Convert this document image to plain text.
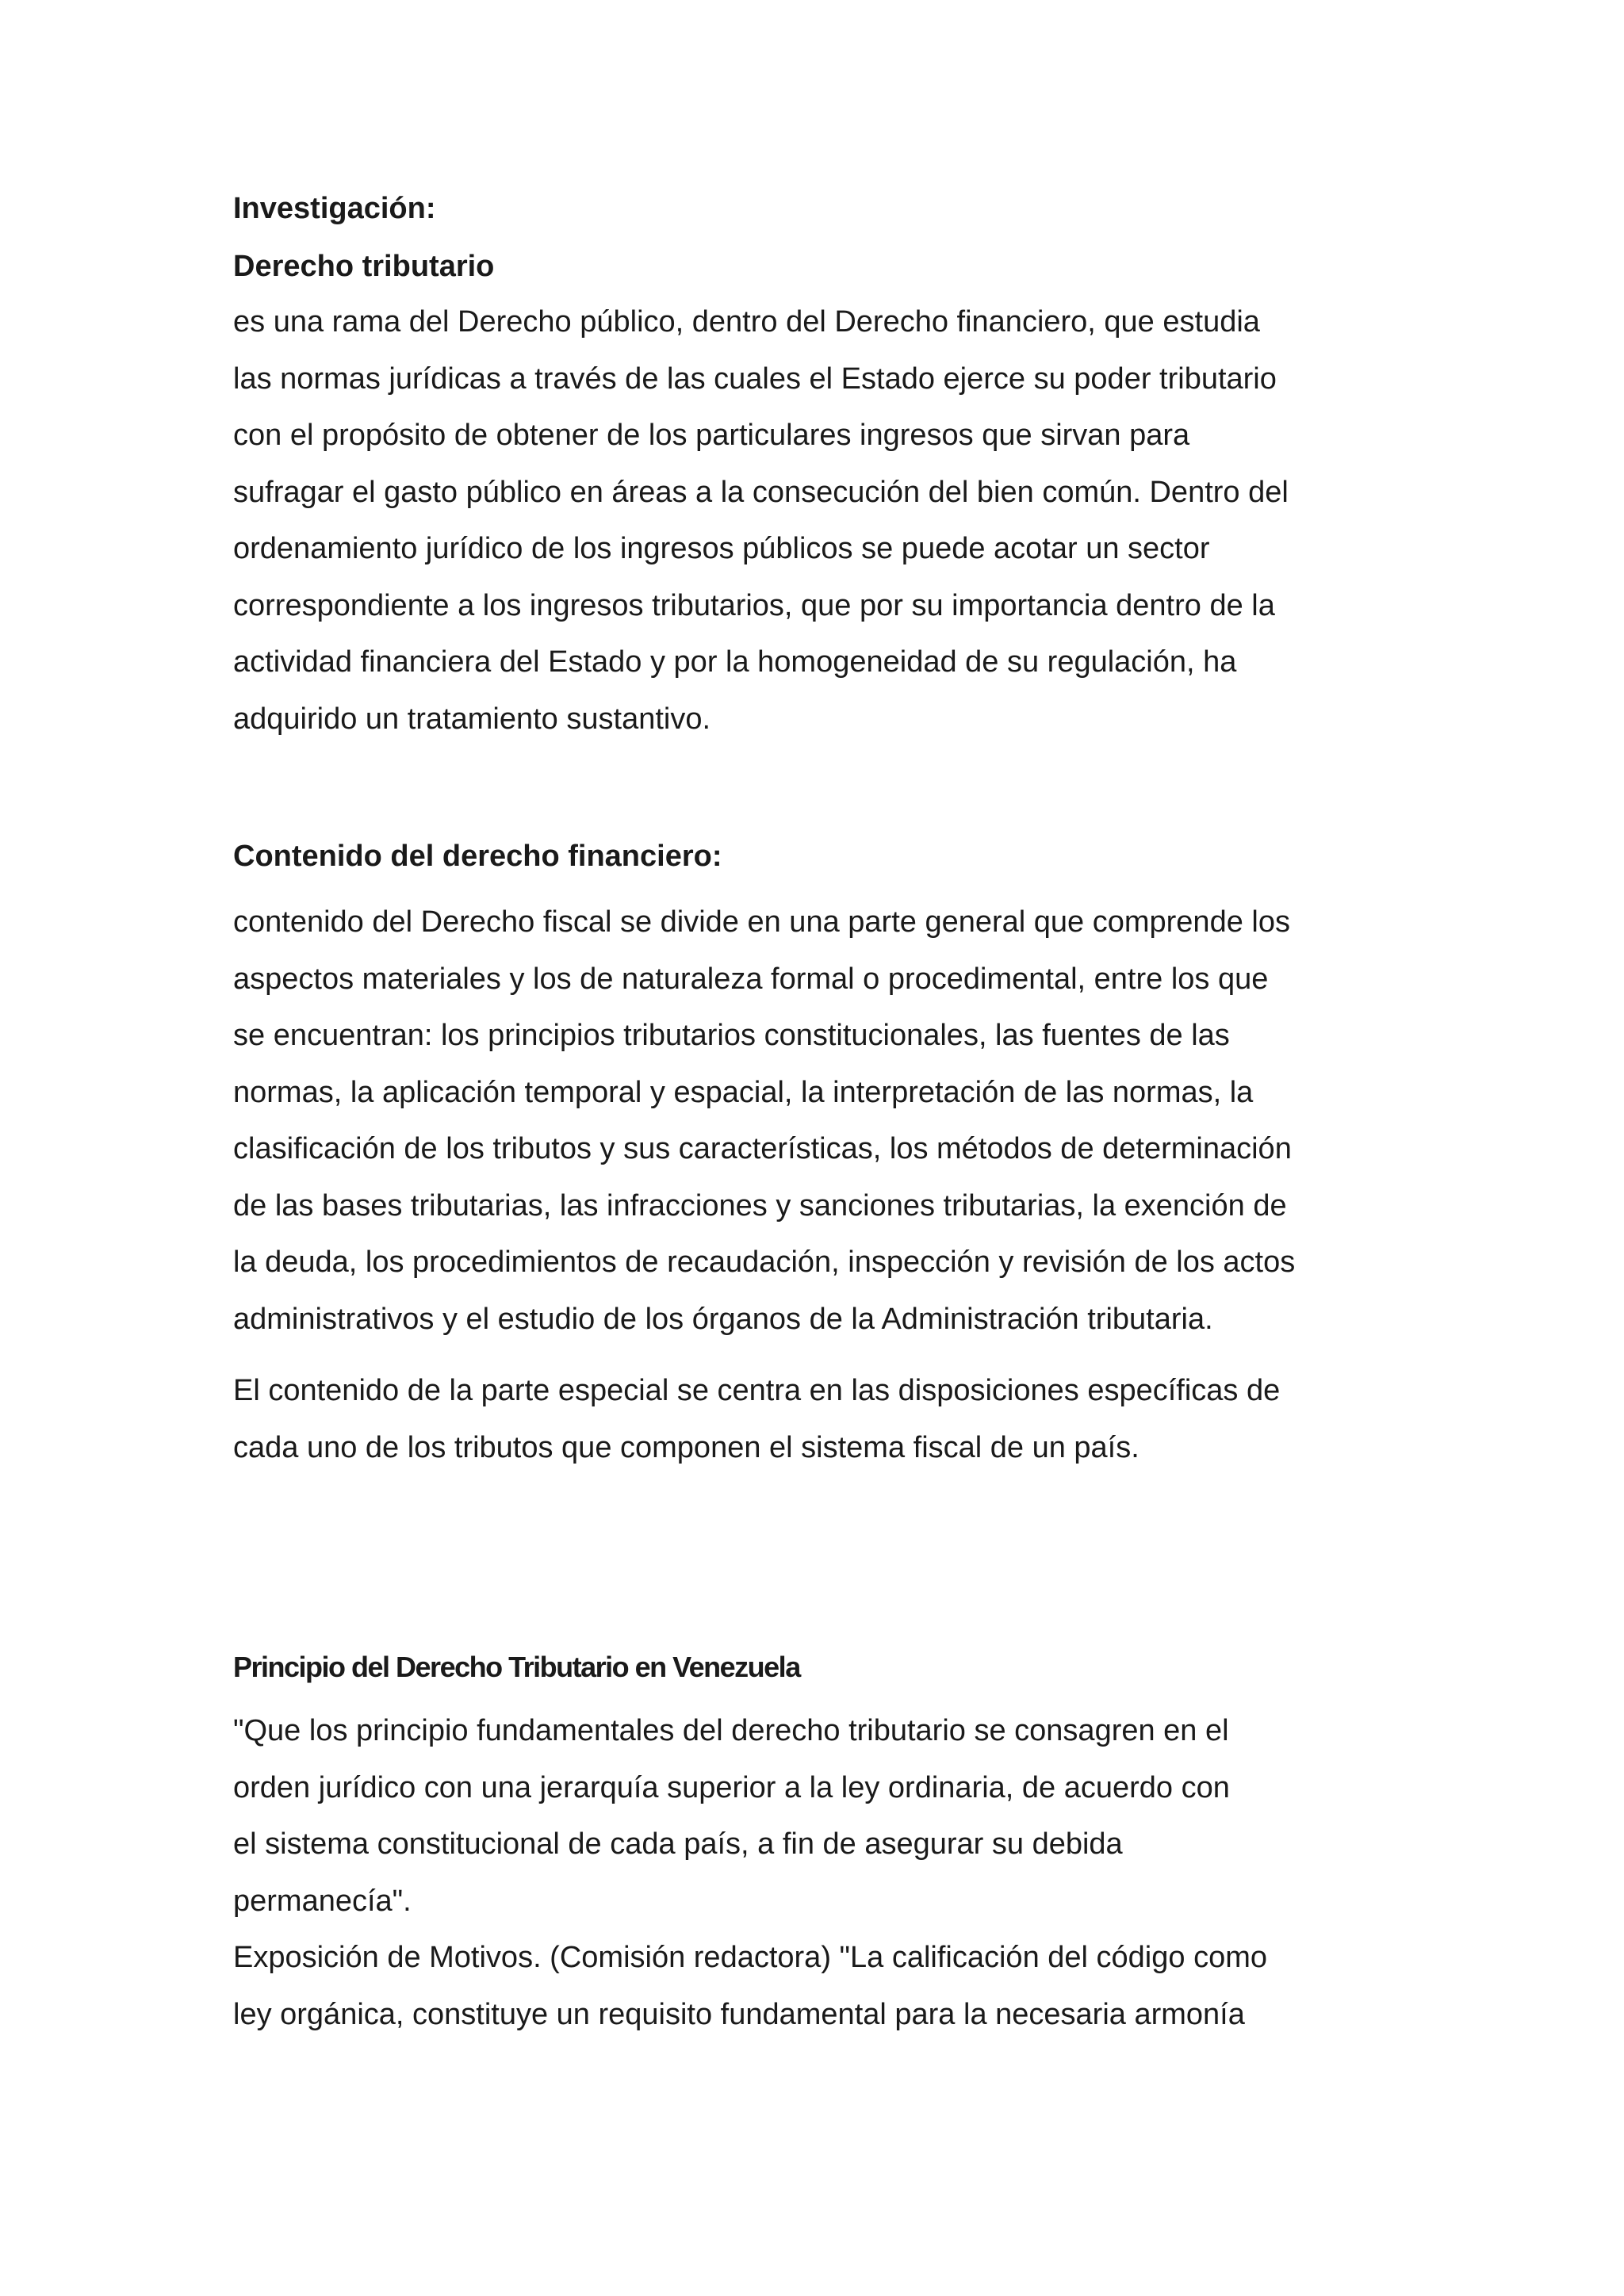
Investigación:
Derecho tributario
es una rama del Derecho público, dentro del Derecho financiero, que estudia
las normas jurídicas a través de las cuales el Estado ejerce su poder tributario
con el propósito de obtener de los particulares ingresos que sirvan para
sufragar el gasto público en áreas a la consecución del bien común. Dentro del
ordenamiento jurídico de los ingresos públicos se puede acotar un sector
correspondiente a los ingresos tributarios, que por su importancia dentro de la
actividad financiera del Estado y por la homogeneidad de su regulación, ha
adquirido un tratamiento sustantivo.
Contenido del derecho financiero:
contenido del Derecho fiscal se divide en una parte general que comprende los
aspectos materiales y los de naturaleza formal o procedimental, entre los que
se encuentran: los principios tributarios constitucionales, las fuentes de las
normas, la aplicación temporal y espacial, la interpretación de las normas, la
clasificación de los tributos y sus características, los métodos de determinación
de las bases tributarias, las infracciones y sanciones tributarias, la exención de
la deuda, los procedimientos de recaudación, inspección y revisión de los actos
administrativos y el estudio de los órganos de la Administración tributaria.
El contenido de la parte especial se centra en las disposiciones específicas de
cada uno de los tributos que componen el sistema fiscal de un país.
Principio del Derecho Tributario en Venezuela
"Que los principio fundamentales del derecho tributario se consagren en el
orden jurídico con una jerarquía superior a la ley ordinaria, de acuerdo con
el sistema constitucional de cada país, a fin de asegurar su debida
permanecía".
Exposición de Motivos. (Comisión redactora) "La calificación del código como
ley orgánica, constituye un requisito fundamental para la necesaria armonía
